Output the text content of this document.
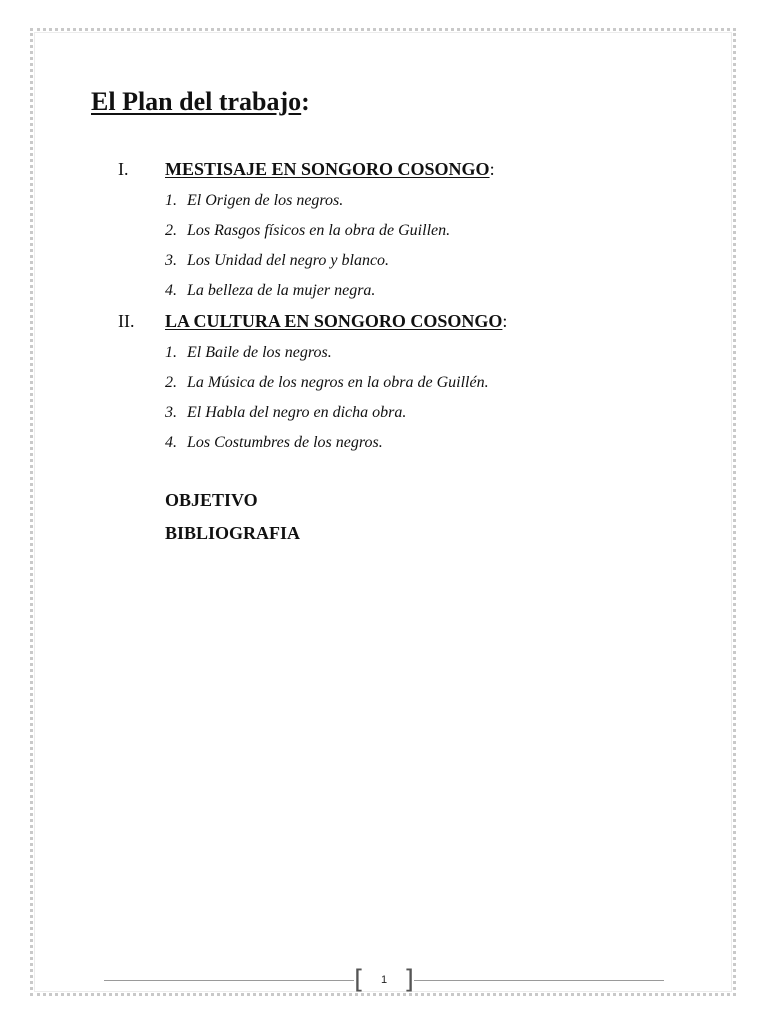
El Plan del trabajo:
I. MESTISAJE EN SONGORO COSONGO:
1. El Origen de los negros.
2. Los Rasgos físicos en la obra de Guillen.
3. Los Unidad del negro y blanco.
4. La belleza de la mujer negra.
II. LA CULTURA EN SONGORO COSONGO:
1. El Baile de los negros.
2. La Música de los negros en la obra de Guillén.
3. El Habla del negro en dicha obra.
4. Los Costumbres de los negros.
OBJETIVO
BIBLIOGRAFIA
[ 1 ]
